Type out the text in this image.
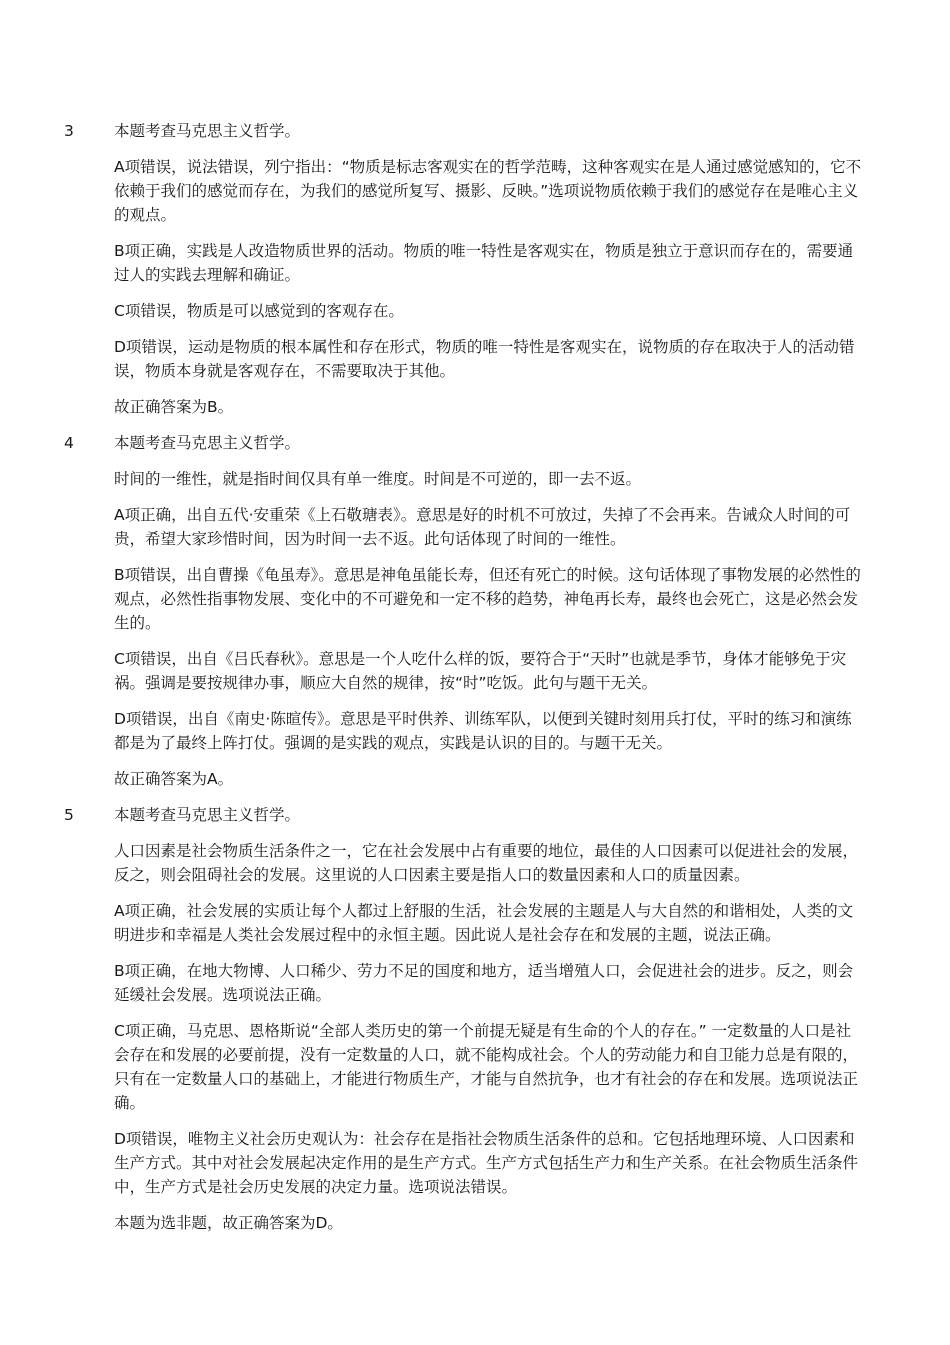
3	本题考查马克思主义哲学。

A项错误，说法错误，列宁指出：“物质是标志客观实在的哲学范畴，这种客观实在是人通过感觉感知的，它不依赖于我们的感觉而存在，为我们的感觉所复写、摄影、反映。”选项说物质依赖于我们的感觉存在是唯心主义的观点。

B项正确，实践是人改造物质世界的活动。物质的唯一特性是客观实在，物质是独立于意识而存在的，需要通过人的实践去理解和确证。

C项错误，物质是可以感觉到的客观存在。

D项错误，运动是物质的根本属性和存在形式，物质的唯一特性是客观实在，说物质的存在取决于人的活动错误，物质本身就是客观存在，不需要取决于其他。

故正确答案为B。

4	本题考查马克思主义哲学。

时间的一维性，就是指时间仅具有单一维度。时间是不可逆的，即一去不返。

A项正确，出自五代·安重荣《上石敬瑭表》。意思是好的时机不可放过，失掉了不会再来。告诫众人时间的可贵，希望大家珍惜时间，因为时间一去不返。此句话体现了时间的一维性。

B项错误，出自曹操《龟虽寿》。意思是神龟虽能长寿，但还有死亡的时候。这句话体现了事物发展的必然性的观点，必然性指事物发展、变化中的不可避免和一定不移的趋势，神龟再长寿，最终也会死亡，这是必然会发生的。

C项错误，出自《吕氏春秋》。意思是一个人吃什么样的饭，要符合于“天时”也就是季节，身体才能够免于灾祸。强调是要按规律办事，顺应大自然的规律，按“时”吃饭。此句与题干无关。

D项错误，出自《南史·陈暄传》。意思是平时供养、训练军队，以便到关键时刻用兵打仗，平时的练习和演练都是为了最终上阵打仗。强调的是实践的观点，实践是认识的目的。与题干无关。

故正确答案为A。

5	本题考查马克思主义哲学。

人口因素是社会物质生活条件之一，它在社会发展中占有重要的地位，最佳的人口因素可以促进社会的发展，反之，则会阻碍社会的发展。这里说的人口因素主要是指人口的数量因素和人口的质量因素。

A项正确，社会发展的实质让每个人都过上舒服的生活，社会发展的主题是人与大自然的和谐相处，人类的文明进步和幸福是人类社会发展过程中的永恒主题。因此说人是社会存在和发展的主题，说法正确。

B项正确，在地大物博、人口稀少、劳力不足的国度和地方，适当增殖人口，会促进社会的进步。反之，则会延缓社会发展。选项说法正确。

C项正确，马克思、恩格斯说“全部人类历史的第一个前提无疑是有生命的个人的存在。” 一定数量的人口是社会存在和发展的必要前提，没有一定数量的人口，就不能构成社会。个人的劳动能力和自卫能力总是有限的，只有在一定数量人口的基础上，才能进行物质生产，才能与自然抗争，也才有社会的存在和发展。选项说法正确。

D项错误，唯物主义社会历史观认为：社会存在是指社会物质生活条件的总和。它包括地理环境、人口因素和生产方式。其中对社会发展起决定作用的是生产方式。生产方式包括生产力和生产关系。在社会物质生活条件中，生产方式是社会历史发展的决定力量。选项说法错误。

本题为选非题，故正确答案为D。
